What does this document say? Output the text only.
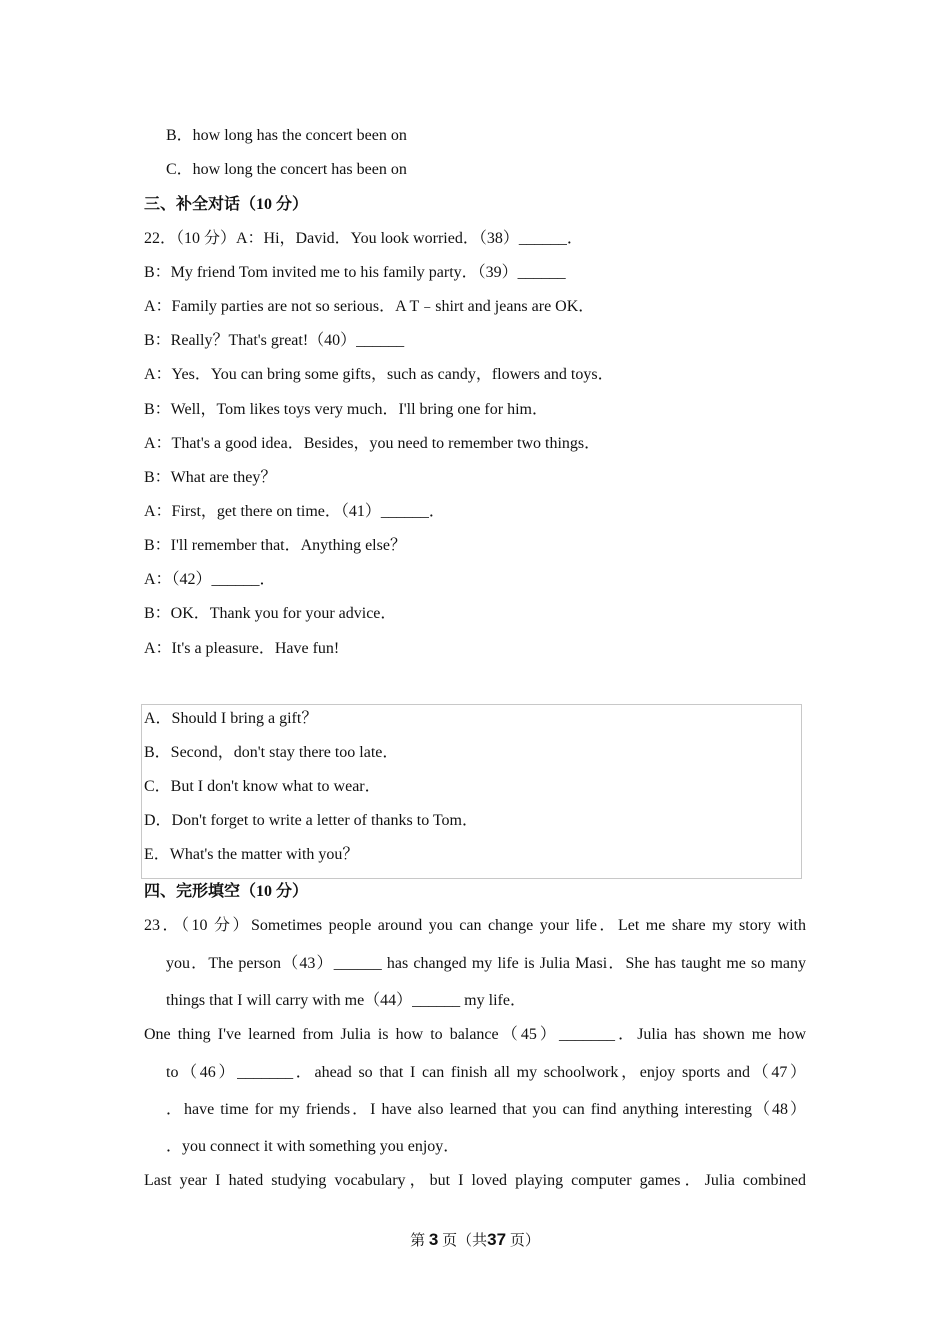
B．how long has the concert been on
C．how long the concert has been on
三、补全对话（10 分）
22．（10 分）A：Hi，David．You look worried．（38）______．
B：My friend Tom invited me to his family party．（39）______
A：Family parties are not so serious．A T﹣shirt and jeans are OK．
B：Really？That's great!（40）______
A：Yes．You can bring some gifts，such as candy，flowers and toys．
B：Well，Tom likes toys very much．I'll bring one for him．
A：That's a good idea．Besides，you need to remember two things．
B：What are they？
A：First，get there on time．（41）______．
B：I'll remember that．Anything else？
A：（42）______．
B：OK．Thank you for your advice．
A：It's a pleasure．Have fun!
A．Should I bring a gift？
B．Second，don't stay there too late．
C．But I don't know what to wear．
D．Don't forget to write a letter of thanks to Tom．
E．What's the matter with you？
四、完形填空（10 分）
23．（10 分）Sometimes people around you can change your life．Let me share my story with
you．The person（43）______ has changed my life is Julia Masi．She has taught me so many
things that I will carry with me（44）______ my life．
One thing I've learned from Julia is how to balance（45）_______．Julia has shown me how
to（46）_______．ahead so that I can finish all my schoolwork，enjoy sports and（47）
．have time for my friends．I have also learned that you can find anything interesting（48）
．you connect it with something you enjoy．
Last year I hated studying vocabulary，but I loved playing computer games．Julia combined
第 3 页（共37 页）
